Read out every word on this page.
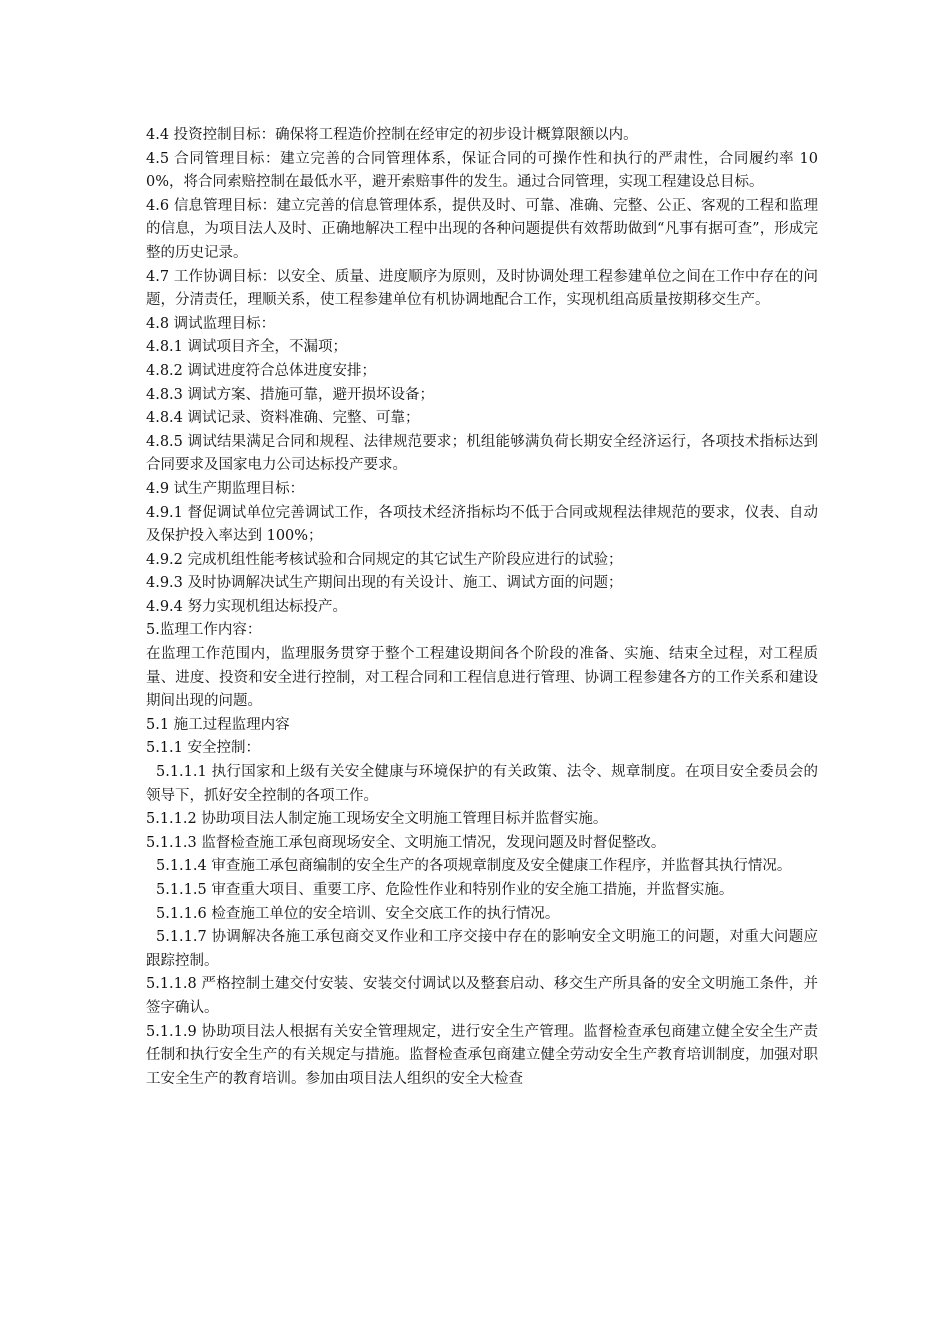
4.4 投资控制目标：确保将工程造价控制在经审定的初步设计概算限额以内。

4.5 合同管理目标：建立完善的合同管理体系，保证合同的可操作性和执行的严肃性，合同履约率 100%，将合同索赔控制在最低水平，避开索赔事件的发生。通过合同管理，实现工程建设总目标。

4.6 信息管理目标：建立完善的信息管理体系，提供及时、可靠、准确、完整、公正、客观的工程和监理的信息，为项目法人及时、正确地解决工程中出现的各种问题提供有效帮助做到“凡事有据可查”，形成完整的历史记录。

4.7 工作协调目标：以安全、质量、进度顺序为原则，及时协调处理工程参建单位之间在工作中存在的问题，分清责任，理顺关系，使工程参建单位有机协调地配合工作，实现机组高质量按期移交生产。

4.8 调试监理目标：

4.8.1 调试项目齐全，不漏项；

4.8.2 调试进度符合总体进度安排；

4.8.3 调试方案、措施可靠，避开损坏设备；

4.8.4 调试记录、资料准确、完整、可靠；

4.8.5 调试结果满足合同和规程、法律规范要求；机组能够满负荷长期安全经济运行，各项技术指标达到合同要求及国家电力公司达标投产要求。

4.9 试生产期监理目标：

4.9.1 督促调试单位完善调试工作，各项技术经济指标均不低于合同或规程法律规范的要求，仪表、自动及保护投入率达到 100%；

4.9.2 完成机组性能考核试验和合同规定的其它试生产阶段应进行的试验；

4.9.3 及时协调解决试生产期间出现的有关设计、施工、调试方面的问题；

4.9.4 努力实现机组达标投产。

5.监理工作内容：

在监理工作范围内，监理服务贯穿于整个工程建设期间各个阶段的准备、实施、结束全过程，对工程质量、进度、投资和安全进行控制，对工程合同和工程信息进行管理、协调工程参建各方的工作关系和建设期间出现的问题。

5.1 施工过程监理内容

5.1.1 安全控制：

5.1.1.1 执行国家和上级有关安全健康与环境保护的有关政策、法令、规章制度。在项目安全委员会的领导下，抓好安全控制的各项工作。

5.1.1.2 协助项目法人制定施工现场安全文明施工管理目标并监督实施。

5.1.1.3 监督检查施工承包商现场安全、文明施工情况，发现问题及时督促整改。

5.1.1.4 审查施工承包商编制的安全生产的各项规章制度及安全健康工作程序，并监督其执行情况。

5.1.1.5 审查重大项目、重要工序、危险性作业和特别作业的安全施工措施，并监督实施。

5.1.1.6 检查施工单位的安全培训、安全交底工作的执行情况。

5.1.1.7 协调解决各施工承包商交叉作业和工序交接中存在的影响安全文明施工的问题，对重大问题应跟踪控制。

5.1.1.8 严格控制土建交付安装、安装交付调试以及整套启动、移交生产所具备的安全文明施工条件，并签字确认。

5.1.1.9 协助项目法人根据有关安全管理规定，进行安全生产管理。监督检查承包商建立健全安全生产责任制和执行安全生产的有关规定与措施。监督检查承包商建立健全劳动安全生产教育培训制度，加强对职工安全生产的教育培训。参加由项目法人组织的安全大检查
